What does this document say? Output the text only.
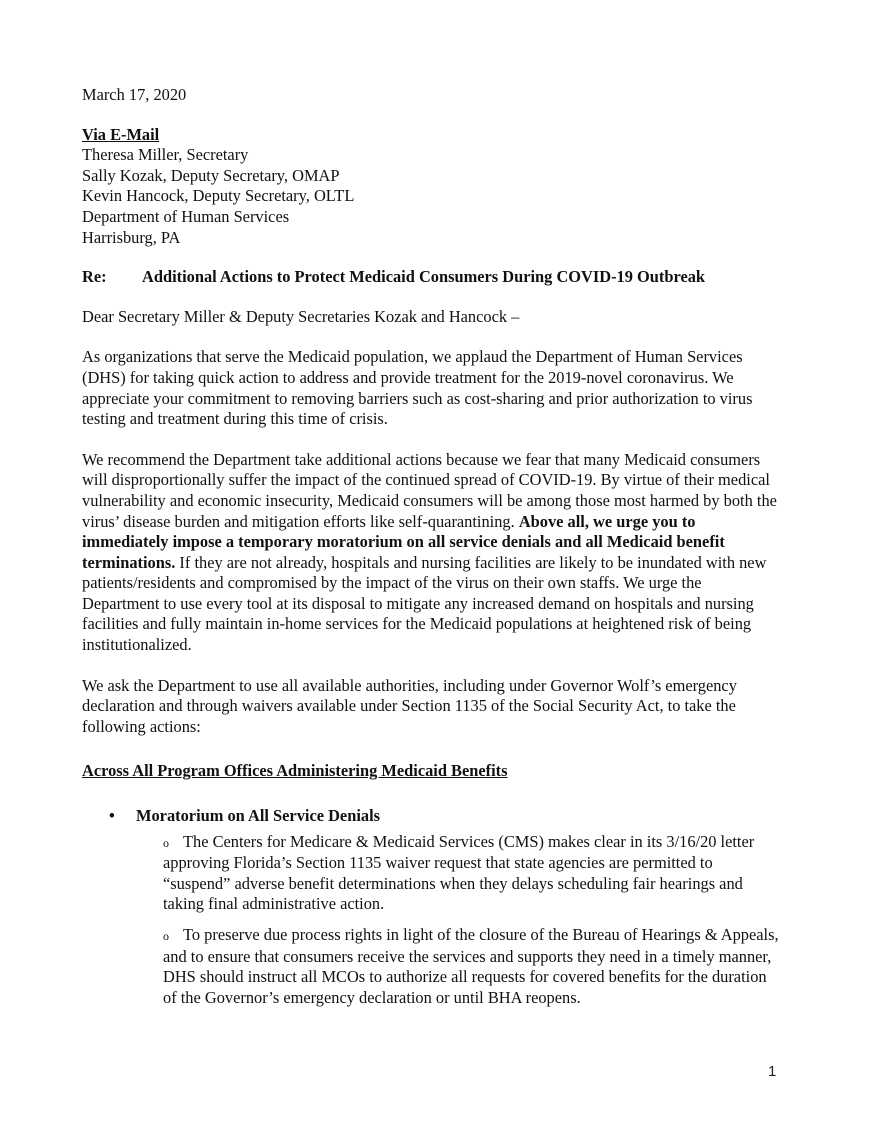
March 17, 2020

Via E-Mail
Theresa Miller, Secretary
Sally Kozak, Deputy Secretary, OMAP
Kevin Hancock, Deputy Secretary, OLTL
Department of Human Services
Harrisburg, PA
Re:	Additional Actions to Protect Medicaid Consumers During COVID-19 Outbreak

Dear Secretary Miller & Deputy Secretaries Kozak and Hancock –

As organizations that serve the Medicaid population, we applaud the Department of Human Services (DHS) for taking quick action to address and provide treatment for the 2019-novel coronavirus. We appreciate your commitment to removing barriers such as cost-sharing and prior authorization to virus testing and treatment during this time of crisis.

We recommend the Department take additional actions because we fear that many Medicaid consumers will disproportionally suffer the impact of the continued spread of COVID-19. By virtue of their medical vulnerability and economic insecurity, Medicaid consumers will be among those most harmed by both the virus’ disease burden and mitigation efforts like self-quarantining. Above all, we urge you to immediately impose a temporary moratorium on all service denials and all Medicaid benefit terminations. If they are not already, hospitals and nursing facilities are likely to be inundated with new patients/residents and compromised by the impact of the virus on their own staffs. We urge the Department to use every tool at its disposal to mitigate any increased demand on hospitals and nursing facilities and fully maintain in-home services for the Medicaid populations at heightened risk of being institutionalized.

We ask the Department to use all available authorities, including under Governor Wolf’s emergency declaration and through waivers available under Section 1135 of the Social Security Act, to take the following actions:

Across All Program Offices Administering Medicaid Benefits

•	Moratorium on All Service Denials

o The Centers for Medicare & Medicaid Services (CMS) makes clear in its 3/16/20 letter approving Florida’s Section 1135 waiver request that state agencies are permitted to “suspend” adverse benefit determinations when they delays scheduling fair hearings and taking final administrative action.

o To preserve due process rights in light of the closure of the Bureau of Hearings & Appeals, and to ensure that consumers receive the services and supports they need in a timely manner, DHS should instruct all MCOs to authorize all requests for covered benefits for the duration of the Governor’s emergency declaration or until BHA reopens.

1
